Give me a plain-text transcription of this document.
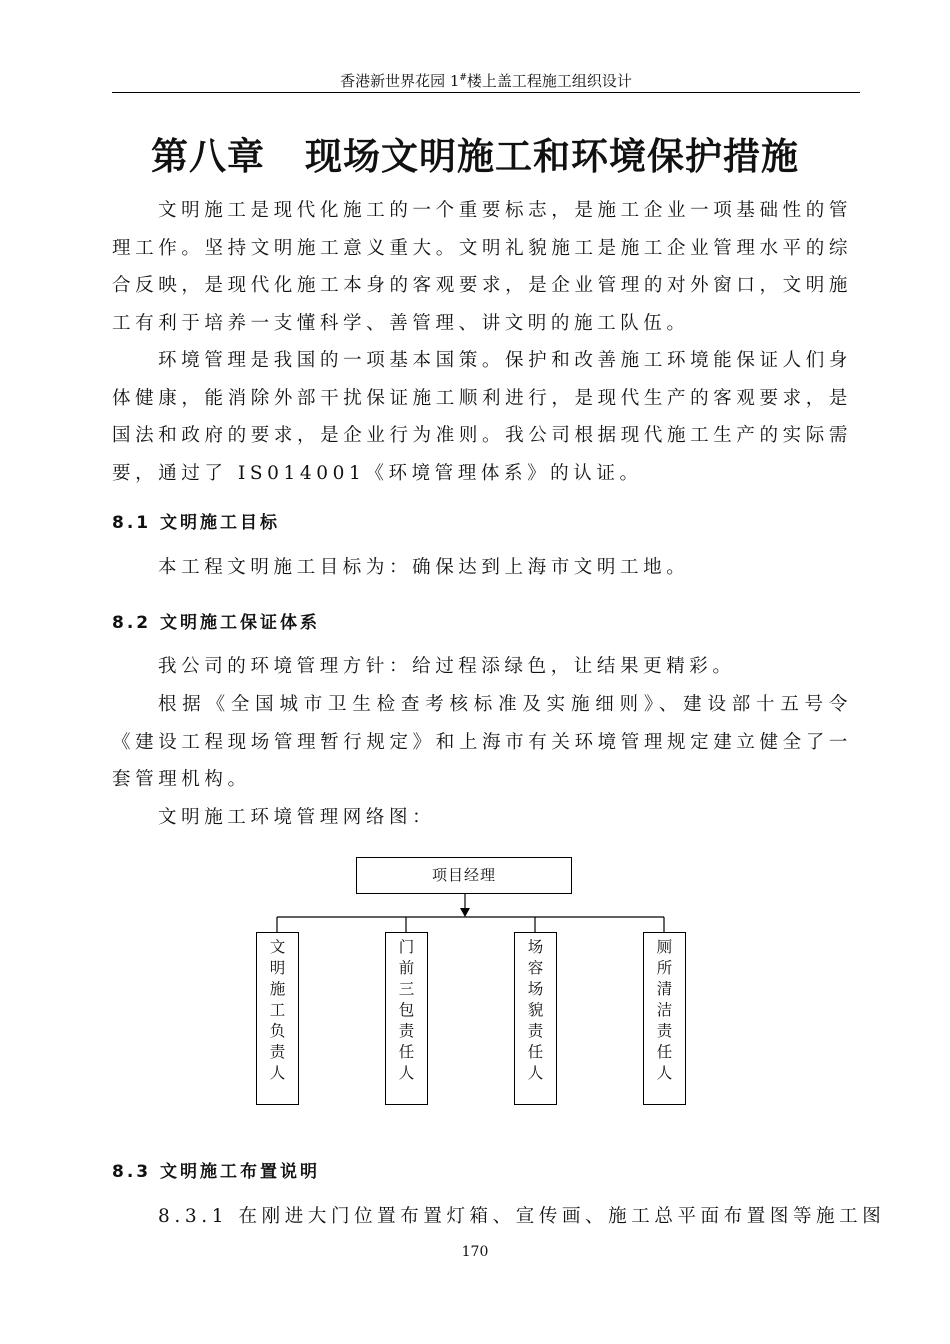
香港新世界花园 1#楼上盖工程施工组织设计
第八章 现场文明施工和环境保护措施

文明施工是现代化施工的一个重要标志，是施工企业一项基础性的管理工作。坚持文明施工意义重大。文明礼貌施工是施工企业管理水平的综合反映，是现代化施工本身的客观要求，是企业管理的对外窗口，文明施工有利于培养一支懂科学、善管理、讲文明的施工队伍。

环境管理是我国的一项基本国策。保护和改善施工环境能保证人们身体健康，能消除外部干扰保证施工顺利进行，是现代生产的客观要求，是国法和政府的要求，是企业行为准则。我公司根据现代施工生产的实际需要，通过了 IS014001《环境管理体系》的认证。

8.1 文明施工目标
本工程文明施工目标为：确保达到上海市文明工地。
8.2 文明施工保证体系
我公司的环境管理方针：给过程添绿色，让结果更精彩。

根据《全国城市卫生检查考核标准及实施细则》、建设部十五号令《建设工程现场管理暂行规定》和上海市有关环境管理规定建立健全了一套管理机构。

文明施工环境管理网络图：
项目经理
文
明
施
工
负
责
人
门
前
三
包
责
任
人
场
容
场
貌
责
任
人
厕
所
清
洁
责
任
人
8.3 文明施工布置说明
8.3.1 在刚进大门位置布置灯箱、宣传画、施工总平面布置图等施工图
170
